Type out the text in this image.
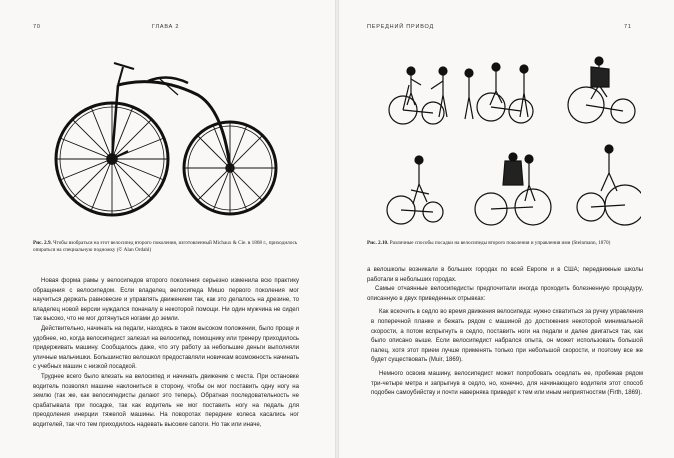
70	ГЛАВА 2
Рис. 2.9. Чтобы взобраться на этот велосипед второго поколения, изготовленный Michaux & Cie. в 1868 г., приходилось опираться на специальную подножку (© Alan Ordahl)

Новая форма рамы у велосипедов второго поколения серьезно изменила всю практику обращения с велосипедом. Если владелец велосипеда Мишо первого поколения мог научиться держать равновесие и управлять движением так, как это делалось на дрезине, то владелец новой версии нуждался поначалу в некоторой помощи. Ни один мужчина не сидел так высоко, что не мог дотянуться ногами до земли.

Действительно, начинать на педали, находясь в таком высоком положении, было проще и удобнее, но, когда велосипедист залезал на велосипед, помощнику или тренеру приходилось придерживать машину. Сообщалось даже, что эту работу за небольшие деньги выполняли уличные мальчишки. Большинство велошкол предоставляли новичкам возможность начинать с учебных машин с низкой посадкой.

Труднее всего было влезать на велосипед и начинать движение с места. При остановке водитель позволял машине наклониться в сторону, чтобы он мог поставить одну ногу на землю (так же, как велосипедисты делают это теперь). Обратная последовательность не срабатывала при посадке, так как водитель не мог поставить ногу на педаль для преодоления инерции тяжелой машины. На поворотах передние колеса касались ног водителей, так что тем приходилось надевать высокие сапоги. Но так или иначе,

ПЕРЕДНИЙ ПРИВОД	71
Рис. 2.10. Различные способы посадки на велосипеды второго поколения и управления ими (Steinmann, 1870)

а велошколы возникали в больших городах по всей Европе и в США; передвижные школы работали в небольших городах.

Самые отчаянные велосипедисты предпочитали иногда проходить болезненную процедуру, описанную в двух приведенных отрывках:

Как вскочить в седло во время движения велосипеда: нужно схватиться за ручку управления в поперечной планке и бежать рядом с машиной до достижения некоторой минимальной скорости, а потом вспрыгнуть в седло, поставить ноги на педали и далее двигаться так, как было описано выше. Если велосипедист набрался опыта, он может использовать большой палец, хотя этот прием лучше применять только при небольшой скорости, и поэтому все же будет существовать (Muir, 1869).

Немного освоив машину, велосипедист может попробовать оседлать ее, пробежав рядом три-четыре метра и запрыгнув в седло, но, конечно, для начинающего водителя этот способ подобен самоубийству и почти наверняка приведет к тем или иным неприятностям (Firth, 1869).
